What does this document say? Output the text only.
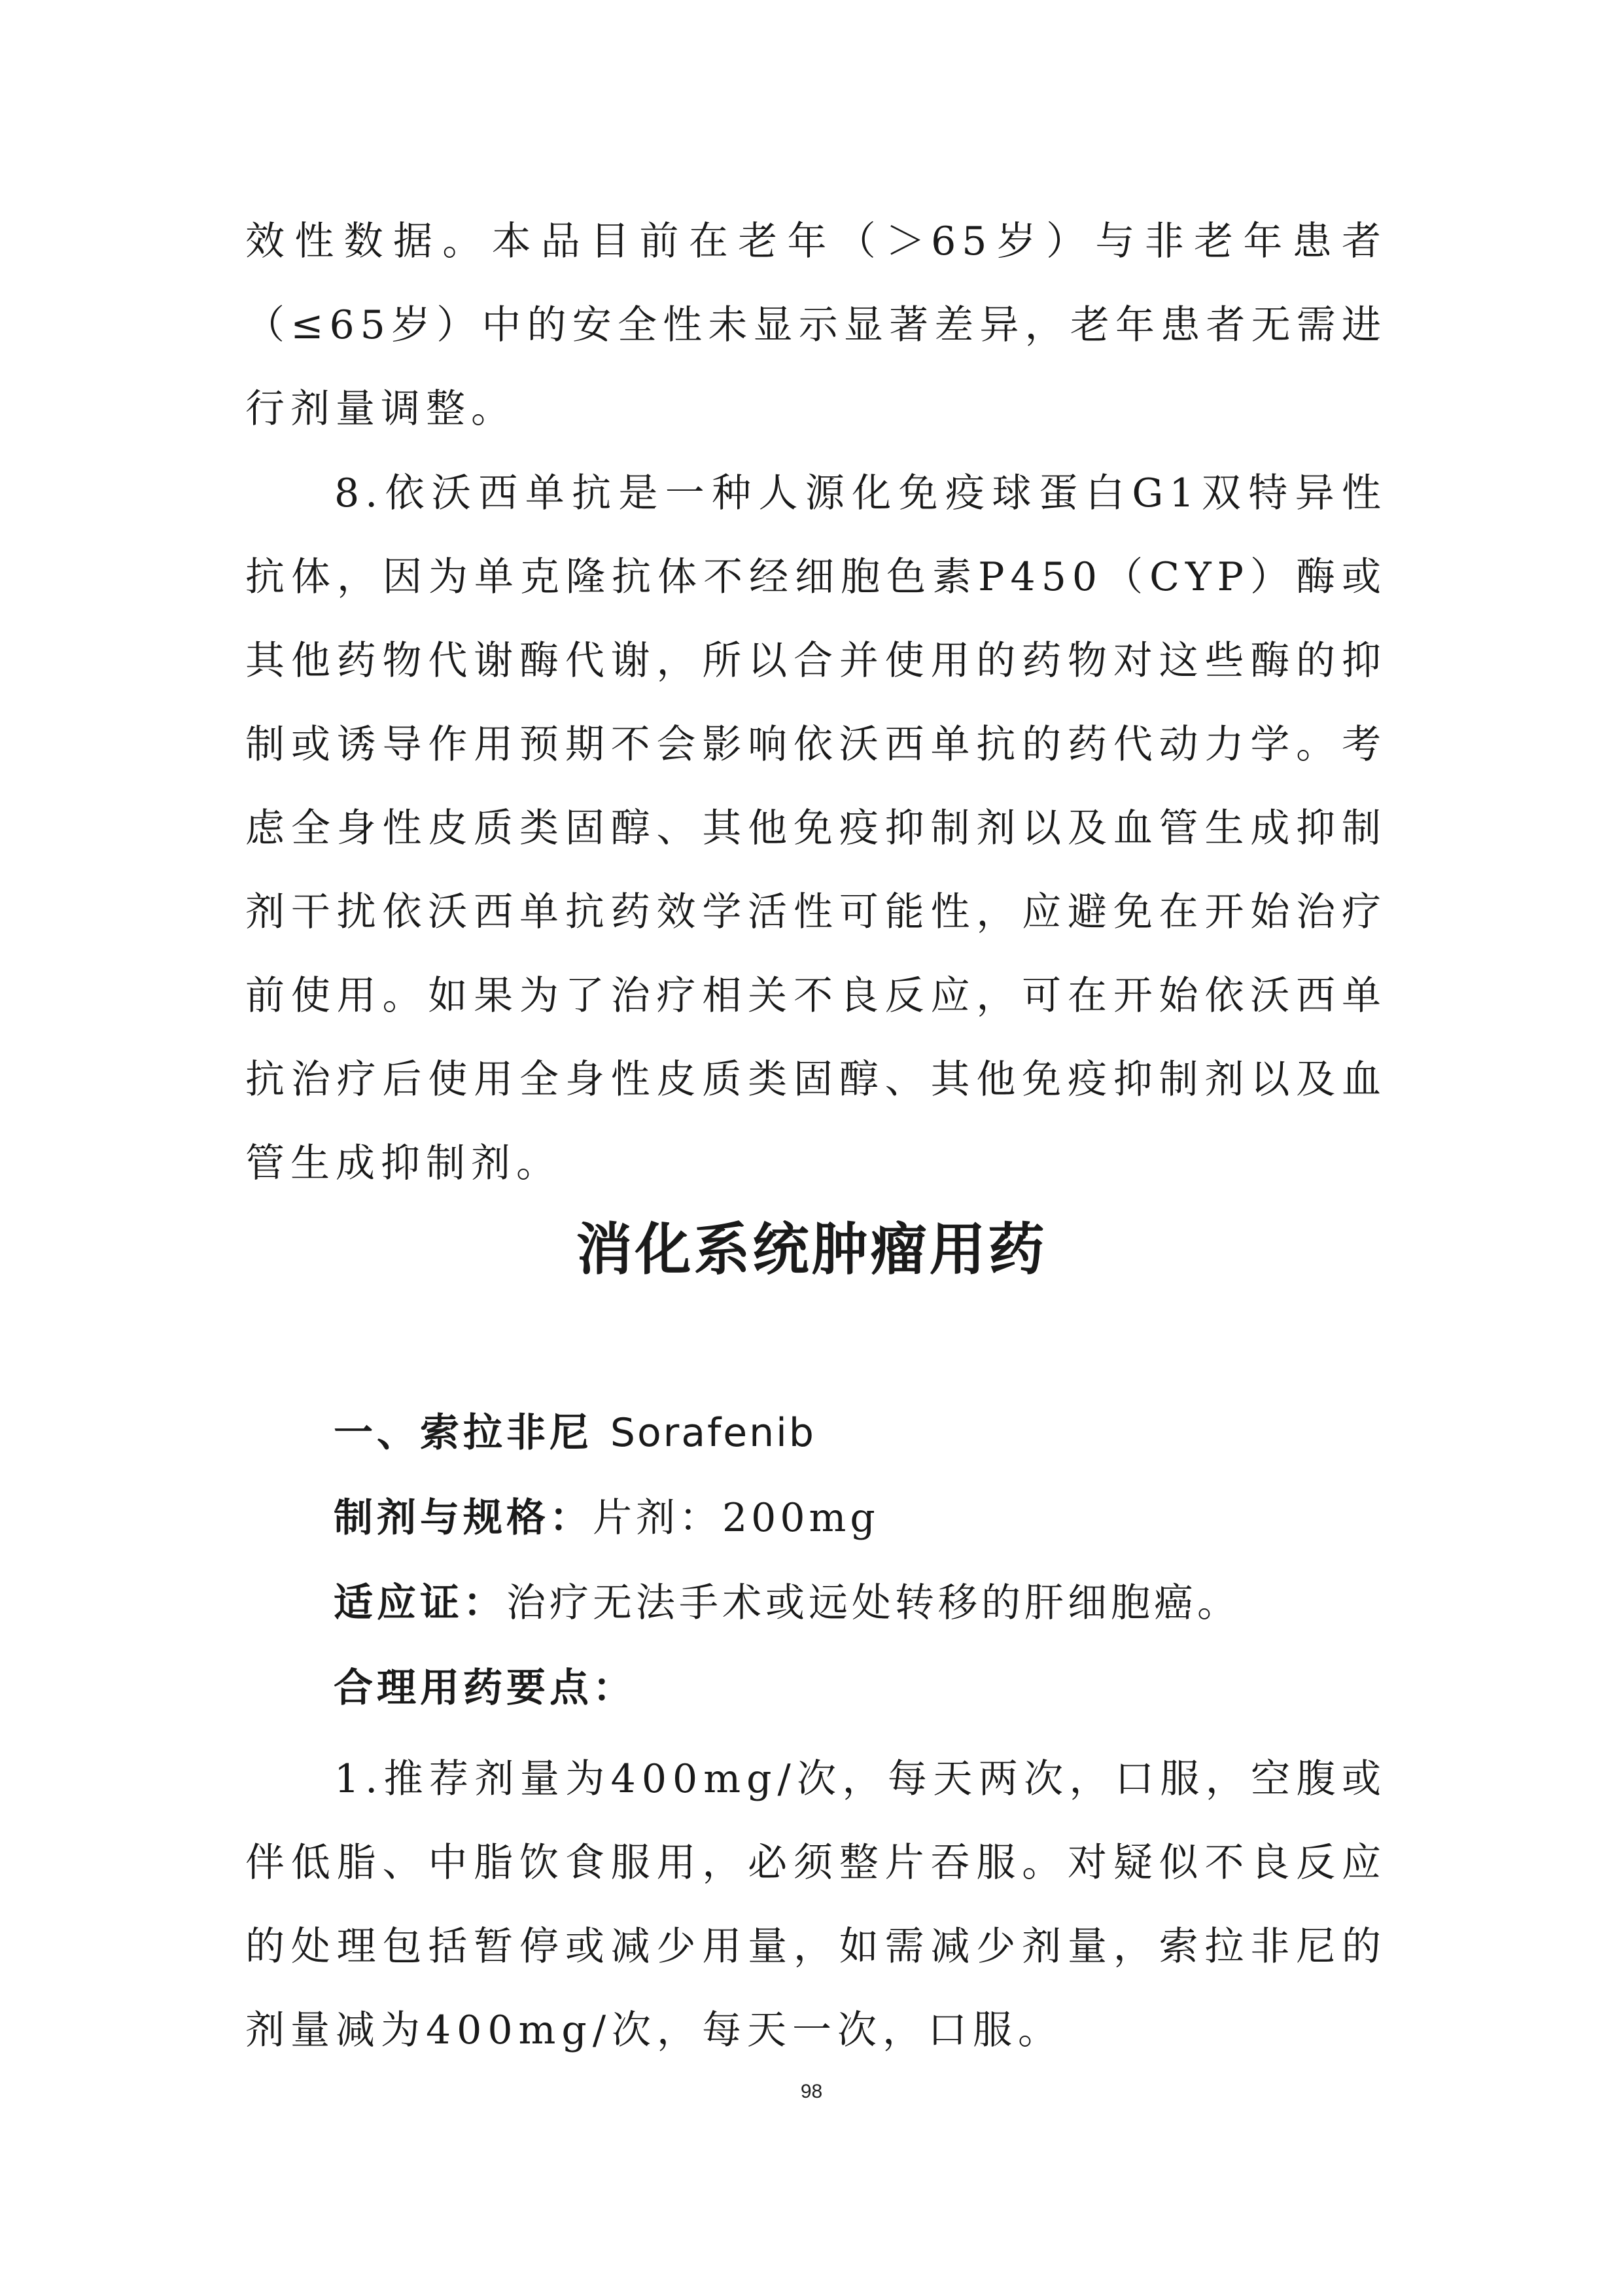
效性数据。本品目前在老年（＞65岁）与非老年患者（≤65岁）中的安全性未显示显著差异，老年患者无需进行剂量调整。

8.依沃西单抗是一种人源化免疫球蛋白G1双特异性抗体，因为单克隆抗体不经细胞色素P450（CYP）酶或其他药物代谢酶代谢，所以合并使用的药物对这些酶的抑制或诱导作用预期不会影响依沃西单抗的药代动力学。考虑全身性皮质类固醇、其他免疫抑制剂以及血管生成抑制剂干扰依沃西单抗药效学活性可能性，应避免在开始治疗前使用。如果为了治疗相关不良反应，可在开始依沃西单抗治疗后使用全身性皮质类固醇、其他免疫抑制剂以及血管生成抑制剂。

消化系统肿瘤用药

一、索拉非尼 Sorafenib

制剂与规格：片剂：200mg

适应证：治疗无法手术或远处转移的肝细胞癌。

合理用药要点：

1.推荐剂量为400mg/次，每天两次，口服，空腹或伴低脂、中脂饮食服用，必须整片吞服。对疑似不良反应的处理包括暂停或减少用量，如需减少剂量，索拉非尼的剂量减为400mg/次，每天一次，口服。

98
